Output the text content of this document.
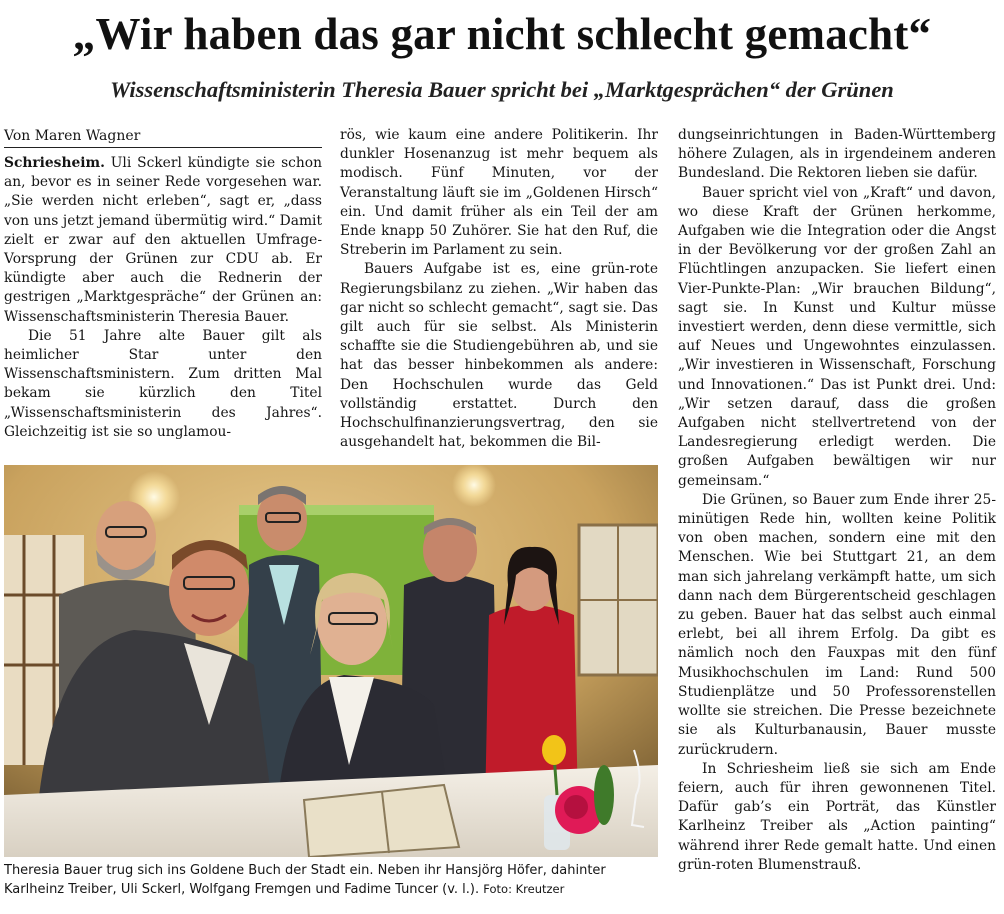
„Wir haben das gar nicht schlecht gemacht“
Wissenschaftsministerin Theresia Bauer spricht bei „Marktgesprächen“ der Grünen
Von Maren Wagner

Schriesheim. Uli Sckerl kündigte sie schon an, bevor es in seiner Rede vorgesehen war. „Sie werden nicht erleben“, sagt er, „dass von uns jetzt jemand übermütig wird.“ Damit zielt er zwar auf den aktuellen Umfrage-Vorsprung der Grünen zur CDU ab. Er kündigte aber auch die Rednerin der gestrigen „Marktgespräche“ der Grünen an: Wissenschaftsministerin Theresia Bauer.

Die 51 Jahre alte Bauer gilt als heimlicher Star unter den Wissenschaftsministern. Zum dritten Mal bekam sie kürzlich den Titel „Wissenschaftsministerin des Jahres“. Gleichzeitig ist sie so unglamou-

rös, wie kaum eine andere Politikerin. Ihr dunkler Hosenanzug ist mehr bequem als modisch. Fünf Minuten, vor der Veranstaltung läuft sie im „Goldenen Hirsch“ ein. Und damit früher als ein Teil der am Ende knapp 50 Zuhörer. Sie hat den Ruf, die Streberin im Parlament zu sein.

Bauers Aufgabe ist es, eine grün-rote Regierungsbilanz zu ziehen. „Wir haben das gar nicht so schlecht gemacht“, sagt sie. Das gilt auch für sie selbst. Als Ministerin schaffte sie die Studiengebühren ab, und sie hat das besser hinbekommen als andere: Den Hochschulen wurde das Geld vollständig erstattet. Durch den Hochschulfinanzierungsvertrag, den sie ausgehandelt hat, bekommen die Bil-

dungseinrichtungen in Baden-Württemberg höhere Zulagen, als in irgendeinem anderen Bundesland. Die Rektoren lieben sie dafür.

Bauer spricht viel von „Kraft“ und davon, wo diese Kraft der Grünen herkomme, Aufgaben wie die Integration oder die Angst in der Bevölkerung vor der großen Zahl an Flüchtlingen anzupacken. Sie liefert einen Vier-Punkte-Plan: „Wir brauchen Bildung“, sagt sie. In Kunst und Kultur müsse investiert werden, denn diese vermittle, sich auf Neues und Ungewohntes einzulassen. „Wir investieren in Wissenschaft, Forschung und Innovationen.“ Das ist Punkt drei. Und: „Wir setzen darauf, dass die großen Aufgaben nicht stellvertretend von der Landesregierung erledigt werden. Die großen Aufgaben bewältigen wir nur gemeinsam.“

Die Grünen, so Bauer zum Ende ihrer 25-minütigen Rede hin, wollten keine Politik von oben machen, sondern eine mit den Menschen. Wie bei Stuttgart 21, an dem man sich jahrelang verkämpft hatte, um sich dann nach dem Bürgerentscheid geschlagen zu geben. Bauer hat das selbst auch einmal erlebt, bei all ihrem Erfolg. Da gibt es nämlich noch den Fauxpas mit den fünf Musikhochschulen im Land: Rund 500 Studienplätze und 50 Professorenstellen wollte sie streichen. Die Presse bezeichnete sie als Kulturbanausin, Bauer musste zurückrudern.

In Schriesheim ließ sie sich am Ende feiern, auch für ihren gewonnenen Titel. Dafür gab’s ein Porträt, das Künstler Karlheinz Treiber als „Action painting“ während ihrer Rede gemalt hatte. Und einen grün-roten Blumenstrauß.

Theresia Bauer trug sich ins Goldene Buch der Stadt ein. Neben ihr Hansjörg Höfer, dahinter Karlheinz Treiber, Uli Sckerl, Wolfgang Fremgen und Fadime Tuncer (v. l.). Foto: Kreutzer
